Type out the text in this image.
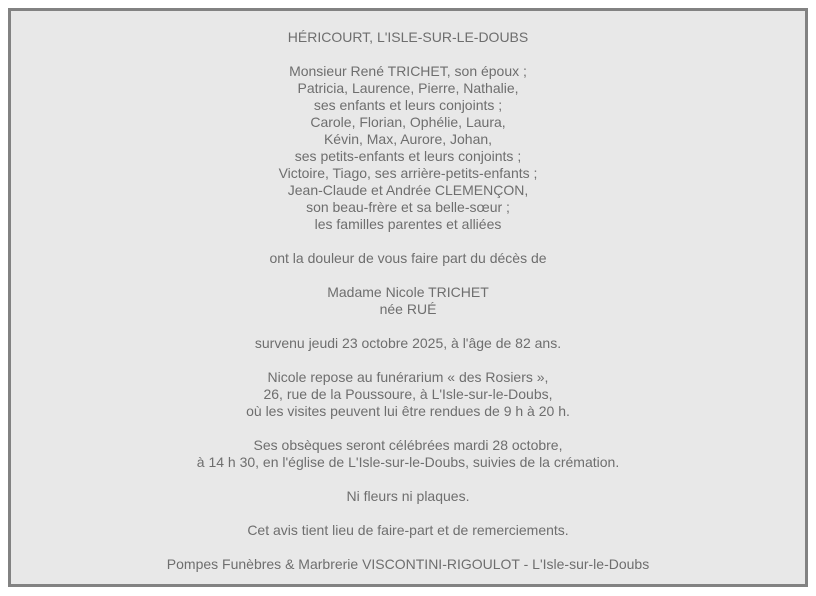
HÉRICOURT, L'ISLE-SUR-LE-DOUBS
Monsieur René TRICHET, son époux ;
Patricia, Laurence, Pierre, Nathalie,
ses enfants et leurs conjoints ;
Carole, Florian, Ophélie, Laura,
Kévin, Max, Aurore, Johan,
ses petits-enfants et leurs conjoints ;
Victoire, Tiago, ses arrière-petits-enfants ;
Jean-Claude et Andrée CLEMENÇON,
son beau-frère et sa belle-sœur ;
les familles parentes et alliées
ont la douleur de vous faire part du décès de
Madame Nicole TRICHET
née RUÉ
survenu jeudi 23 octobre 2025, à l'âge de 82 ans.
Nicole repose au funérarium « des Rosiers »,
26, rue de la Poussoure, à L'Isle-sur-le-Doubs,
où les visites peuvent lui être rendues de 9 h à 20 h.
Ses obsèques seront célébrées mardi 28 octobre,
à 14 h 30, en l'église de L'Isle-sur-le-Doubs, suivies de la crémation.
Ni fleurs ni plaques.
Cet avis tient lieu de faire-part et de remerciements.
Pompes Funèbres & Marbrerie VISCONTINI-RIGOULOT - L'Isle-sur-le-Doubs
